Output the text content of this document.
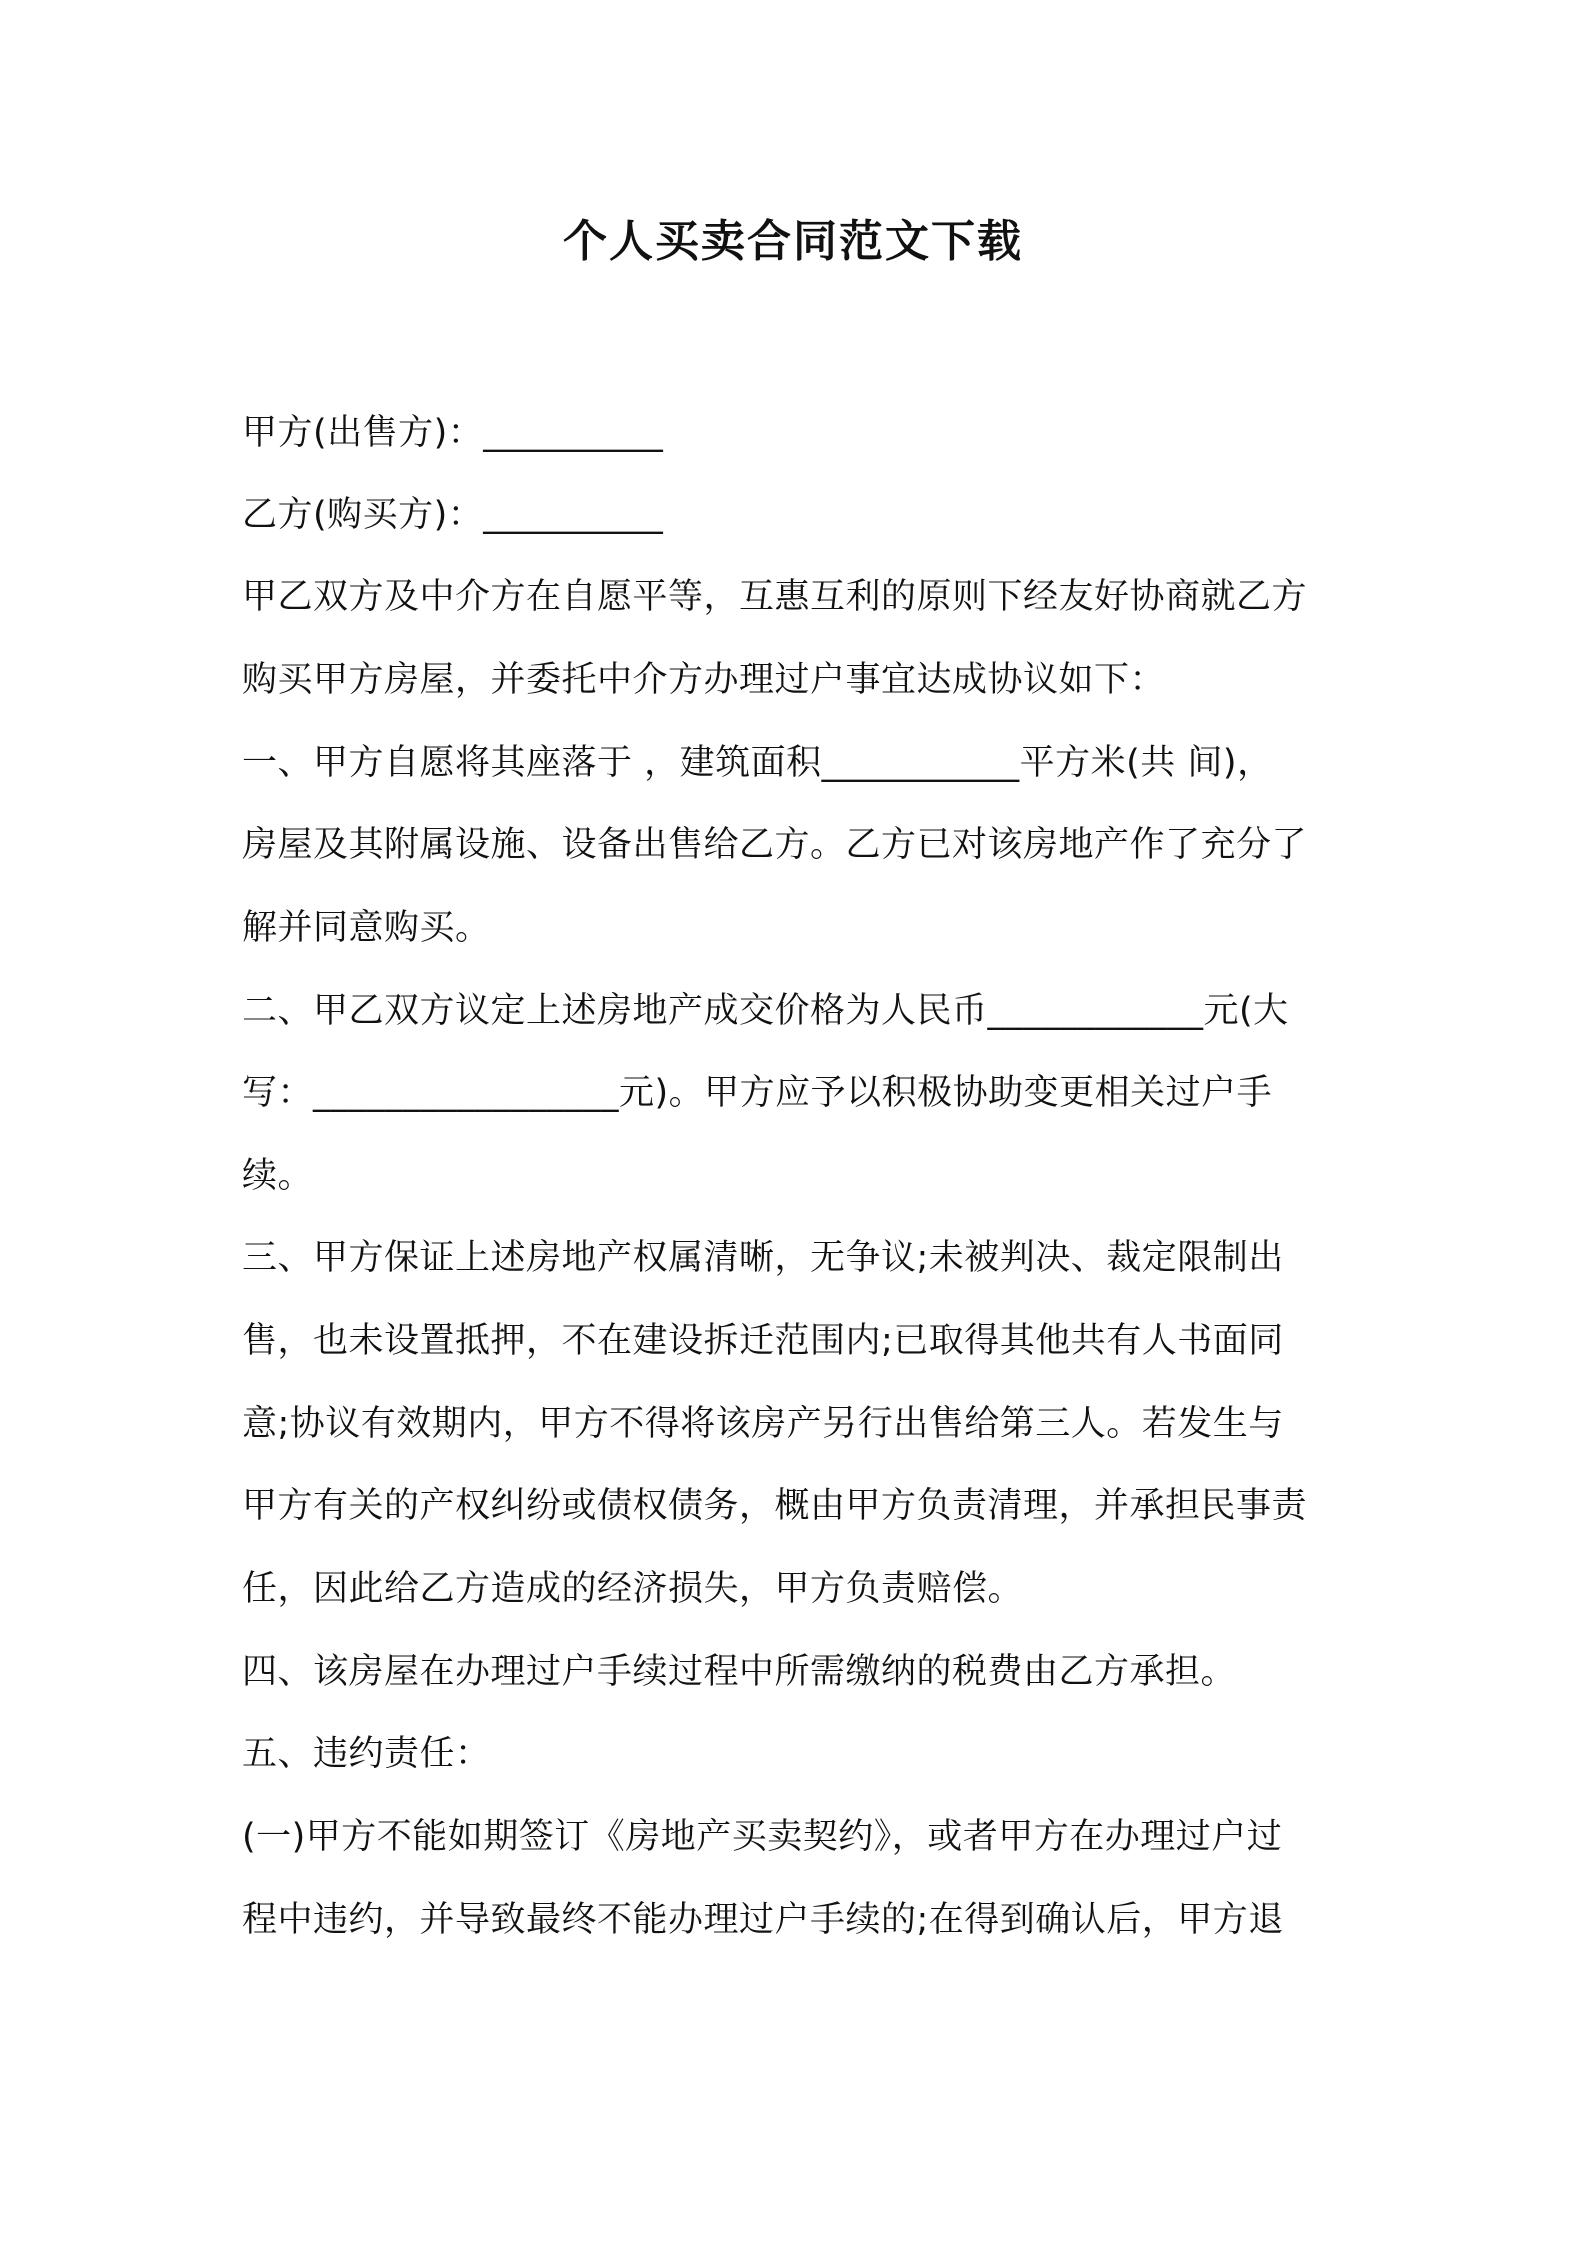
个人买卖合同范文下载
甲方(出售方)：__________
乙方(购买方)：__________
甲乙双方及中介方在自愿平等，互惠互利的原则下经友好协商就乙方
购买甲方房屋，并委托中介方办理过户事宜达成协议如下：
一、甲方自愿将其座落于 ，建筑面积___________平方米(共 间)，
房屋及其附属设施、设备出售给乙方。乙方已对该房地产作了充分了
解并同意购买。
二、甲乙双方议定上述房地产成交价格为人民币____________元(大
写：_________________元)。甲方应予以积极协助变更相关过户手
续。
三、甲方保证上述房地产权属清晰，无争议;未被判决、裁定限制出
售，也未设置抵押，不在建设拆迁范围内;已取得其他共有人书面同
意;协议有效期内，甲方不得将该房产另行出售给第三人。若发生与
甲方有关的产权纠纷或债权债务，概由甲方负责清理，并承担民事责
任，因此给乙方造成的经济损失，甲方负责赔偿。
四、该房屋在办理过户手续过程中所需缴纳的税费由乙方承担。
五、违约责任：
(一)甲方不能如期签订《房地产买卖契约》，或者甲方在办理过户过
程中违约，并导致最终不能办理过户手续的;在得到确认后，甲方退
